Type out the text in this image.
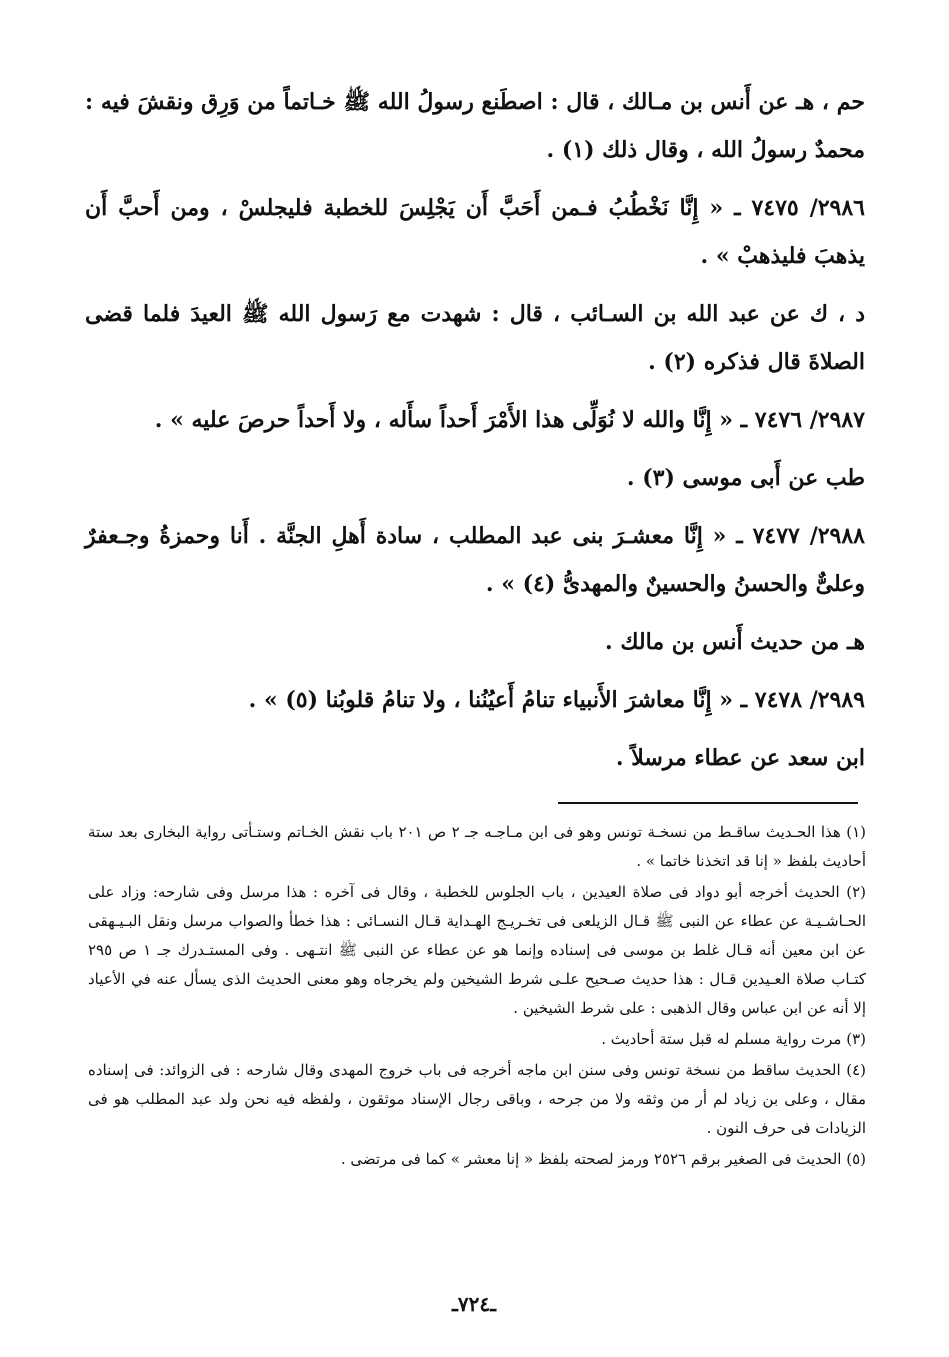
حم ، هـ عن أَنس بن مـالك ، قال : اصطَنع رسولُ الله ﷺ خـاتماً من وَرِق ونقشَ فيه : محمدٌ رسولُ الله ، وقال ذلك (١) .

٢٩٨٦/ ٧٤٧٥ ـ « إِنَّا نَخْطُبُ فـمن أَحَبَّ أَن يَجْلِسَ للخطبة فليجلسْ ، ومن أَحبَّ أَن يذهبَ فليذهبْ » .

د ، ك عن عبد الله بن السـائب ، قال : شهدت مع رَسول الله ﷺ العيدَ فلما قضى الصلاةَ قال فذكره (٢) .

٢٩٨٧/ ٧٤٧٦ ـ « إِنَّا والله لا نُوَلِّى هذا الأَمْرَ أَحداً سأَله ، ولا أَحداً حرصَ عليه » .

طب عن أَبى موسى (٣) .

٢٩٨٨/ ٧٤٧٧ ـ « إِنَّا معشـرَ بنى عبد المطلب ، سادة أَهلِ الجنَّة . أَنا وحمزةُ وجـعفرٌ وعلىٌّ والحسنُ والحسينٌ والمهدىُّ (٤) » .

هـ من حديث أَنس بن مالك .

٢٩٨٩/ ٧٤٧٨ ـ « إِنَّا معاشرَ الأَنبياء تنامُ أَعيُنُنا ، ولا تنامُ قلوبُنا (٥) » .

ابن سعد عن عطاء مرسلاً .

(١) هذا الحـديث ساقـط من نسخـة تونس وهو فى ابن مـاجـه جـ ٢ ص ٢٠١ باب نقش الخـاتم وستـأتى رواية البخارى بعد ستة أحاديث بلفظ « إنا قد اتخذنا خاتما » .

(٢) الحديث أخرجه أبو دواد فى صلاة العيدين ، باب الجلوس للخطبة ، وقال فى آخره : هذا مرسل وفى شارحه: وزاد على الحـاشـيـة عن عطاء عن النبى ﷺ قـال الزيلعى فى تخـريـج الهـداية قـال النسـائى : هذا خطأ والصواب مرسل ونقل البـيـهقى عن ابن معين أنه قـال غلط بن موسى فى إسناده وإنما هو عن عطاء عن النبى ﷺ انتـهى . وفى المستـدرك جـ ١ ص ٢٩٥ كتـاب صلاة العـيدين قـال : هذا حديث صـحيح علـى شرط الشيخين ولم يخرجاه وهو معنى الحديث الذى يسأل عنه في الأعياد إلا أنه عن ابن عباس وقال الذهبى : على شرط الشيخين .

(٣) مرت رواية مسلم له قبل ستة أحاديث .

(٤) الحديث ساقط من نسخة تونس وفى سنن ابن ماجه أخرجه فى باب خروج المهدى وقال شارحه : فى الزوائد: فى إسناده مقال ، وعلى بن زياد لم أر من وثقه ولا من جرحه ، وباقى رجال الإسناد موثقون ، ولفظه فيه نحن ولد عبد المطلب هو فى الزيادات فى حرف النون .

(٥) الحديث فى الصغير برقم ٢٥٢٦ ورمز لصحته بلفظ « إنا معشر » كما فى مرتضى .

ـ٧٢٤ـ
